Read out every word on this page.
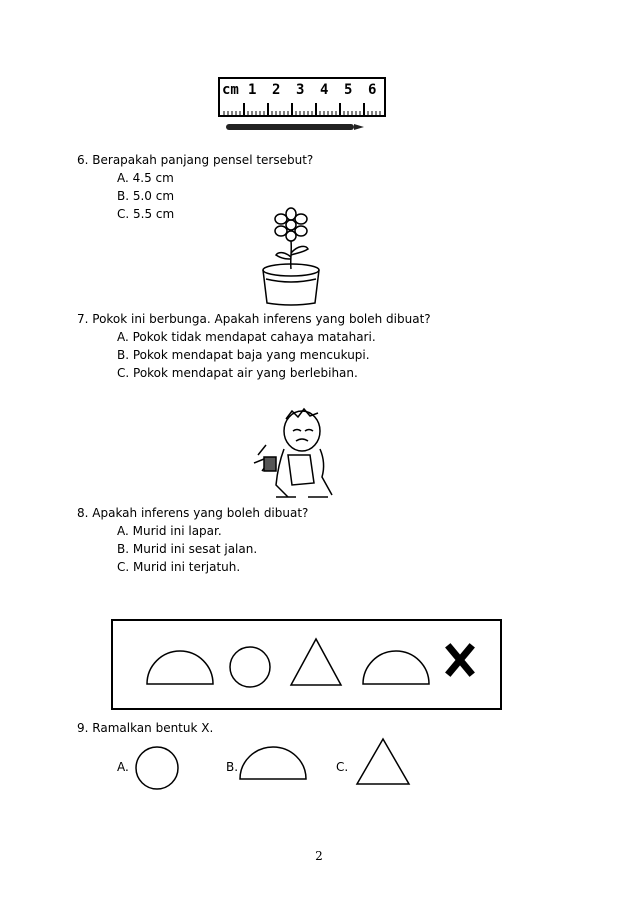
cm 1 2 3 4 5 6
6. Berapakah panjang pensel tersebut?
A. 4.5 cm
B. 5.0 cm
C. 5.5 cm
7. Pokok ini berbunga. Apakah inferens yang boleh dibuat?
A. Pokok tidak mendapat cahaya matahari.
B. Pokok mendapat baja yang mencukupi.
C. Pokok mendapat air yang berlebihan.
8. Apakah inferens yang boleh dibuat?
A. Murid ini lapar.
B. Murid ini sesat jalan.
C. Murid ini terjatuh.
9. Ramalkan bentuk X.
A.	B.	C.
2
